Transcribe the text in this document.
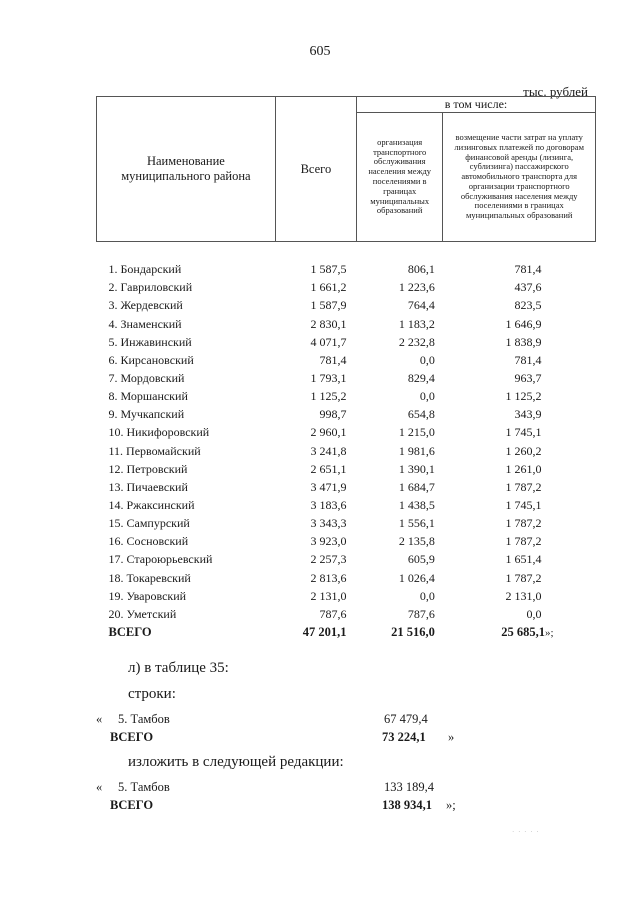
605
тыс. рублей
Наименование муниципального района	Всего	в том числе:	
		организация транспортного обслуживания населения между поселениями в границах муниципальных образований	возмещение части затрат на уплату лизинговых платежей по договорам финансовой аренды (лизинга, сублизинга) пассажирского автомобильного транспорта для организации транспортного обслуживания населения между поселениями в границах муниципальных образований

1. Бондарский	1 587,5	806,1	781,4
2. Гавриловский	1 661,2	1 223,6	437,6
3. Жердевский	1 587,9	764,4	823,5
4. Знаменский	2 830,1	1 183,2	1 646,9
5. Инжавинский	4 071,7	2 232,8	1 838,9
6. Кирсановский	781,4	0,0	781,4
7. Мордовский	1 793,1	829,4	963,7
8. Моршанский	1 125,2	0,0	1 125,2
9. Мучкапский	998,7	654,8	343,9
10. Никифоровский	2 960,1	1 215,0	1 745,1
11. Первомайский	3 241,8	1 981,6	1 260,2
12. Петровский	2 651,1	1 390,1	1 261,0
13. Пичаевский	3 471,9	1 684,7	1 787,2
14. Ржаксинский	3 183,6	1 438,5	1 745,1
15. Сампурский	3 343,3	1 556,1	1 787,2
16. Сосновский	3 923,0	2 135,8	1 787,2
17. Староюрьевский	2 257,3	605,9	1 651,4
18. Токаревский	2 813,6	1 026,4	1 787,2
19. Уваровский	2 131,0	0,0	2 131,0
20. Уметский	787,6	787,6	0,0
ВСЕГО	47 201,1	21 516,0	25 685,1»;
л) в таблице 35:
строки:
« 5. Тамбов	67 479,4
ВСЕГО	73 224,1 »
изложить в следующей редакции:
« 5. Тамбов	133 189,4
ВСЕГО	138 934,1 »;
· · · · ·
